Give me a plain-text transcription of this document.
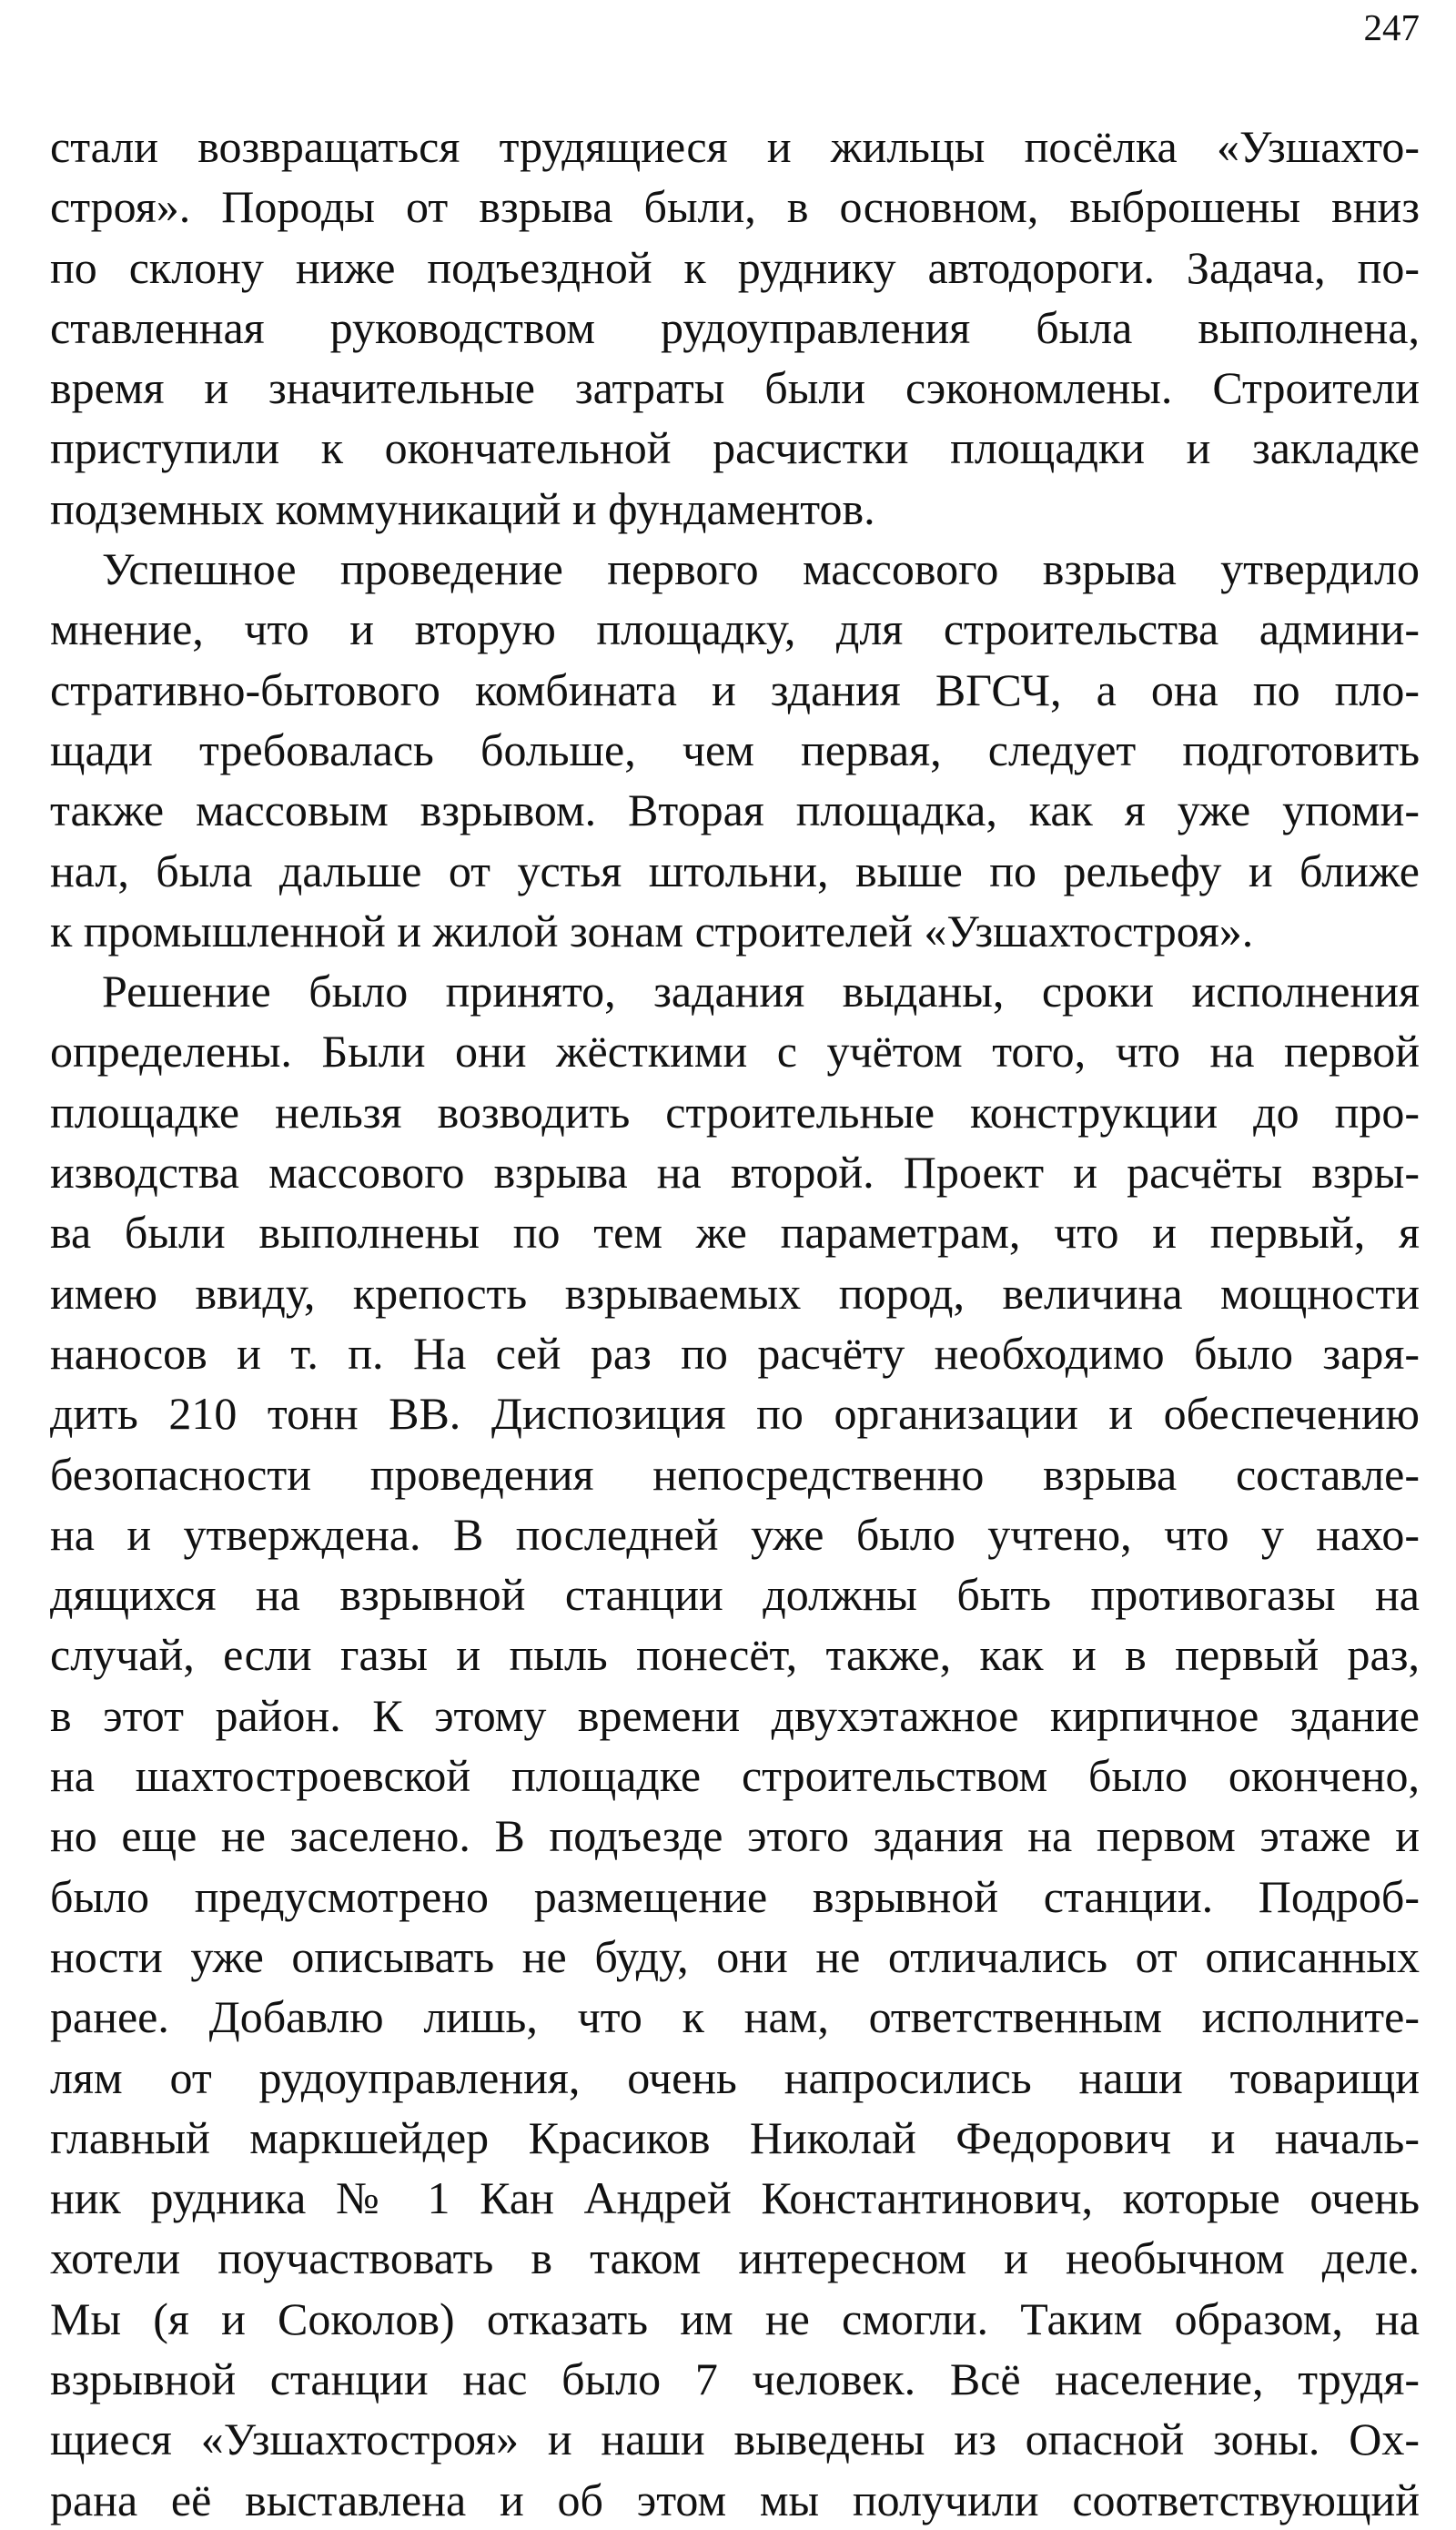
247
стали возвращаться трудящиеся и жильцы посёлка «Узшахто-
строя». Породы от взрыва были, в основном, выброшены вниз
по склону ниже подъездной к руднику автодороги. Задача, по-
ставленная руководством рудоуправления была выполнена,
время и значительные затраты были сэкономлены. Строители
приступили к окончательной расчистки площадки и закладке
подземных коммуникаций и фундаментов.
Успешное проведение первого массового взрыва утвердило
мнение, что и вторую площадку, для строительства админи-
стративно-бытового комбината и здания ВГСЧ, а она по пло-
щади требовалась больше, чем первая, следует подготовить
также массовым взрывом. Вторая площадка, как я уже упоми-
нал, была дальше от устья штольни, выше по рельефу и ближе
к промышленной и жилой зонам строителей «Узшахтостроя».
Решение было принято, задания выданы, сроки исполнения
определены. Были они жёсткими с учётом того, что на первой
площадке нельзя возводить строительные конструкции до про-
изводства массового взрыва на второй. Проект и расчёты взры-
ва были выполнены по тем же параметрам, что и первый, я
имею ввиду, крепость взрываемых пород, величина мощности
наносов и т. п. На сей раз по расчёту необходимо было заря-
дить 210 тонн ВВ. Диспозиция по организации и обеспечению
безопасности проведения непосредственно взрыва составле-
на и утверждена. В последней уже было учтено, что у нахо-
дящихся на взрывной станции должны быть противогазы на
случай, если газы и пыль понесёт, также, как и в первый раз,
в этот район. К этому времени двухэтажное кирпичное здание
на шахтостроевской площадке строительством было окончено,
но еще не заселено. В подъезде этого здания на первом этаже и
было предусмотрено размещение взрывной станции. Подроб-
ности уже описывать не буду, они не отличались от описанных
ранее. Добавлю лишь, что к нам, ответственным исполните-
лям от рудоуправления, очень напросились наши товарищи
главный маркшейдер Красиков Николай Федорович и началь-
ник рудника № 1 Кан Андрей Константинович, которые очень
хотели поучаствовать в таком интересном и необычном деле.
Мы (я и Соколов) отказать им не смогли. Таким образом, на
взрывной станции нас было 7 человек. Всё население, трудя-
щиеся «Узшахтостроя» и наши выведены из опасной зоны. Ох-
рана её выставлена и об этом мы получили соответствующий
